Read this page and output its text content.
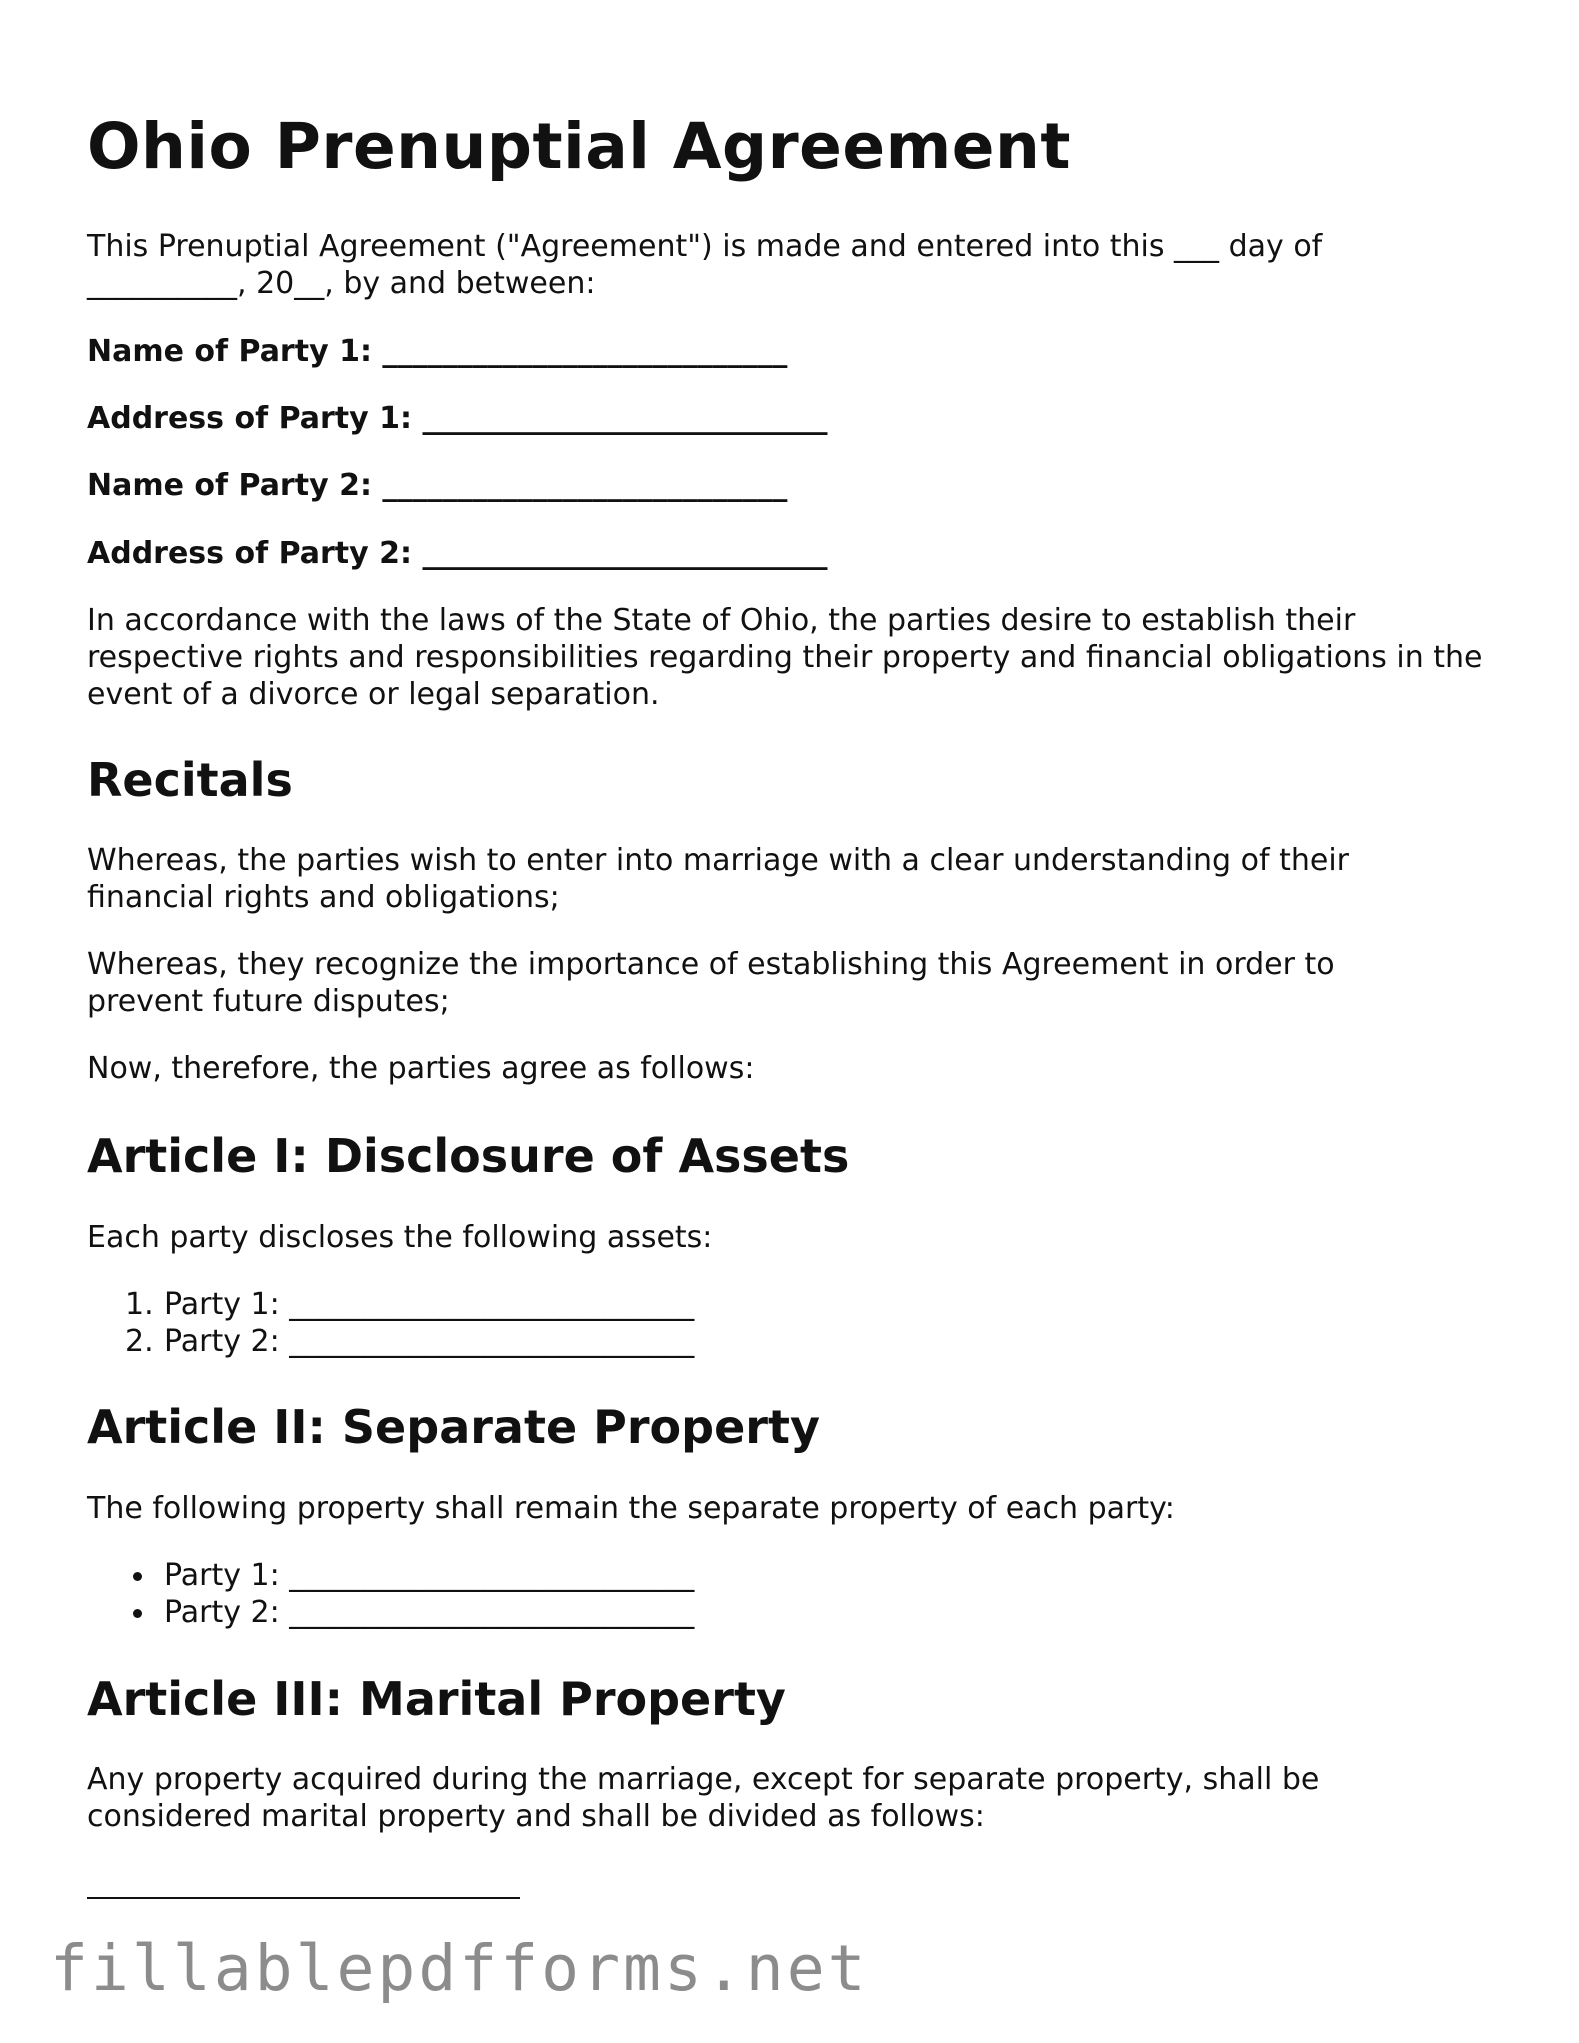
Ohio Prenuptial Agreement
This Prenuptial Agreement ("Agreement") is made and entered into this ___ day of
__________, 20__, by and between:
Name of Party 1: ___________________________
Address of Party 1: ___________________________
Name of Party 2: ___________________________
Address of Party 2: ___________________________

In accordance with the laws of the State of Ohio, the parties desire to establish their respective rights and responsibilities regarding their property and financial obligations in the event of a divorce or legal separation.

Recitals

Whereas, the parties wish to enter into marriage with a clear understanding of their financial rights and obligations;

Whereas, they recognize the importance of establishing this Agreement in order to prevent future disputes;

Now, therefore, the parties agree as follows:

Article I: Disclosure of Assets

Each party discloses the following assets:

1. Party 1: ___________________________
2. Party 2: ___________________________
Article II: Separate Property

The following property shall remain the separate property of each party:

Party 1: ___________________________
Party 2: ___________________________
Article III: Marital Property

Any property acquired during the marriage, except for separate property, shall be considered marital property and shall be divided as follows:

fillablepdfforms.net
